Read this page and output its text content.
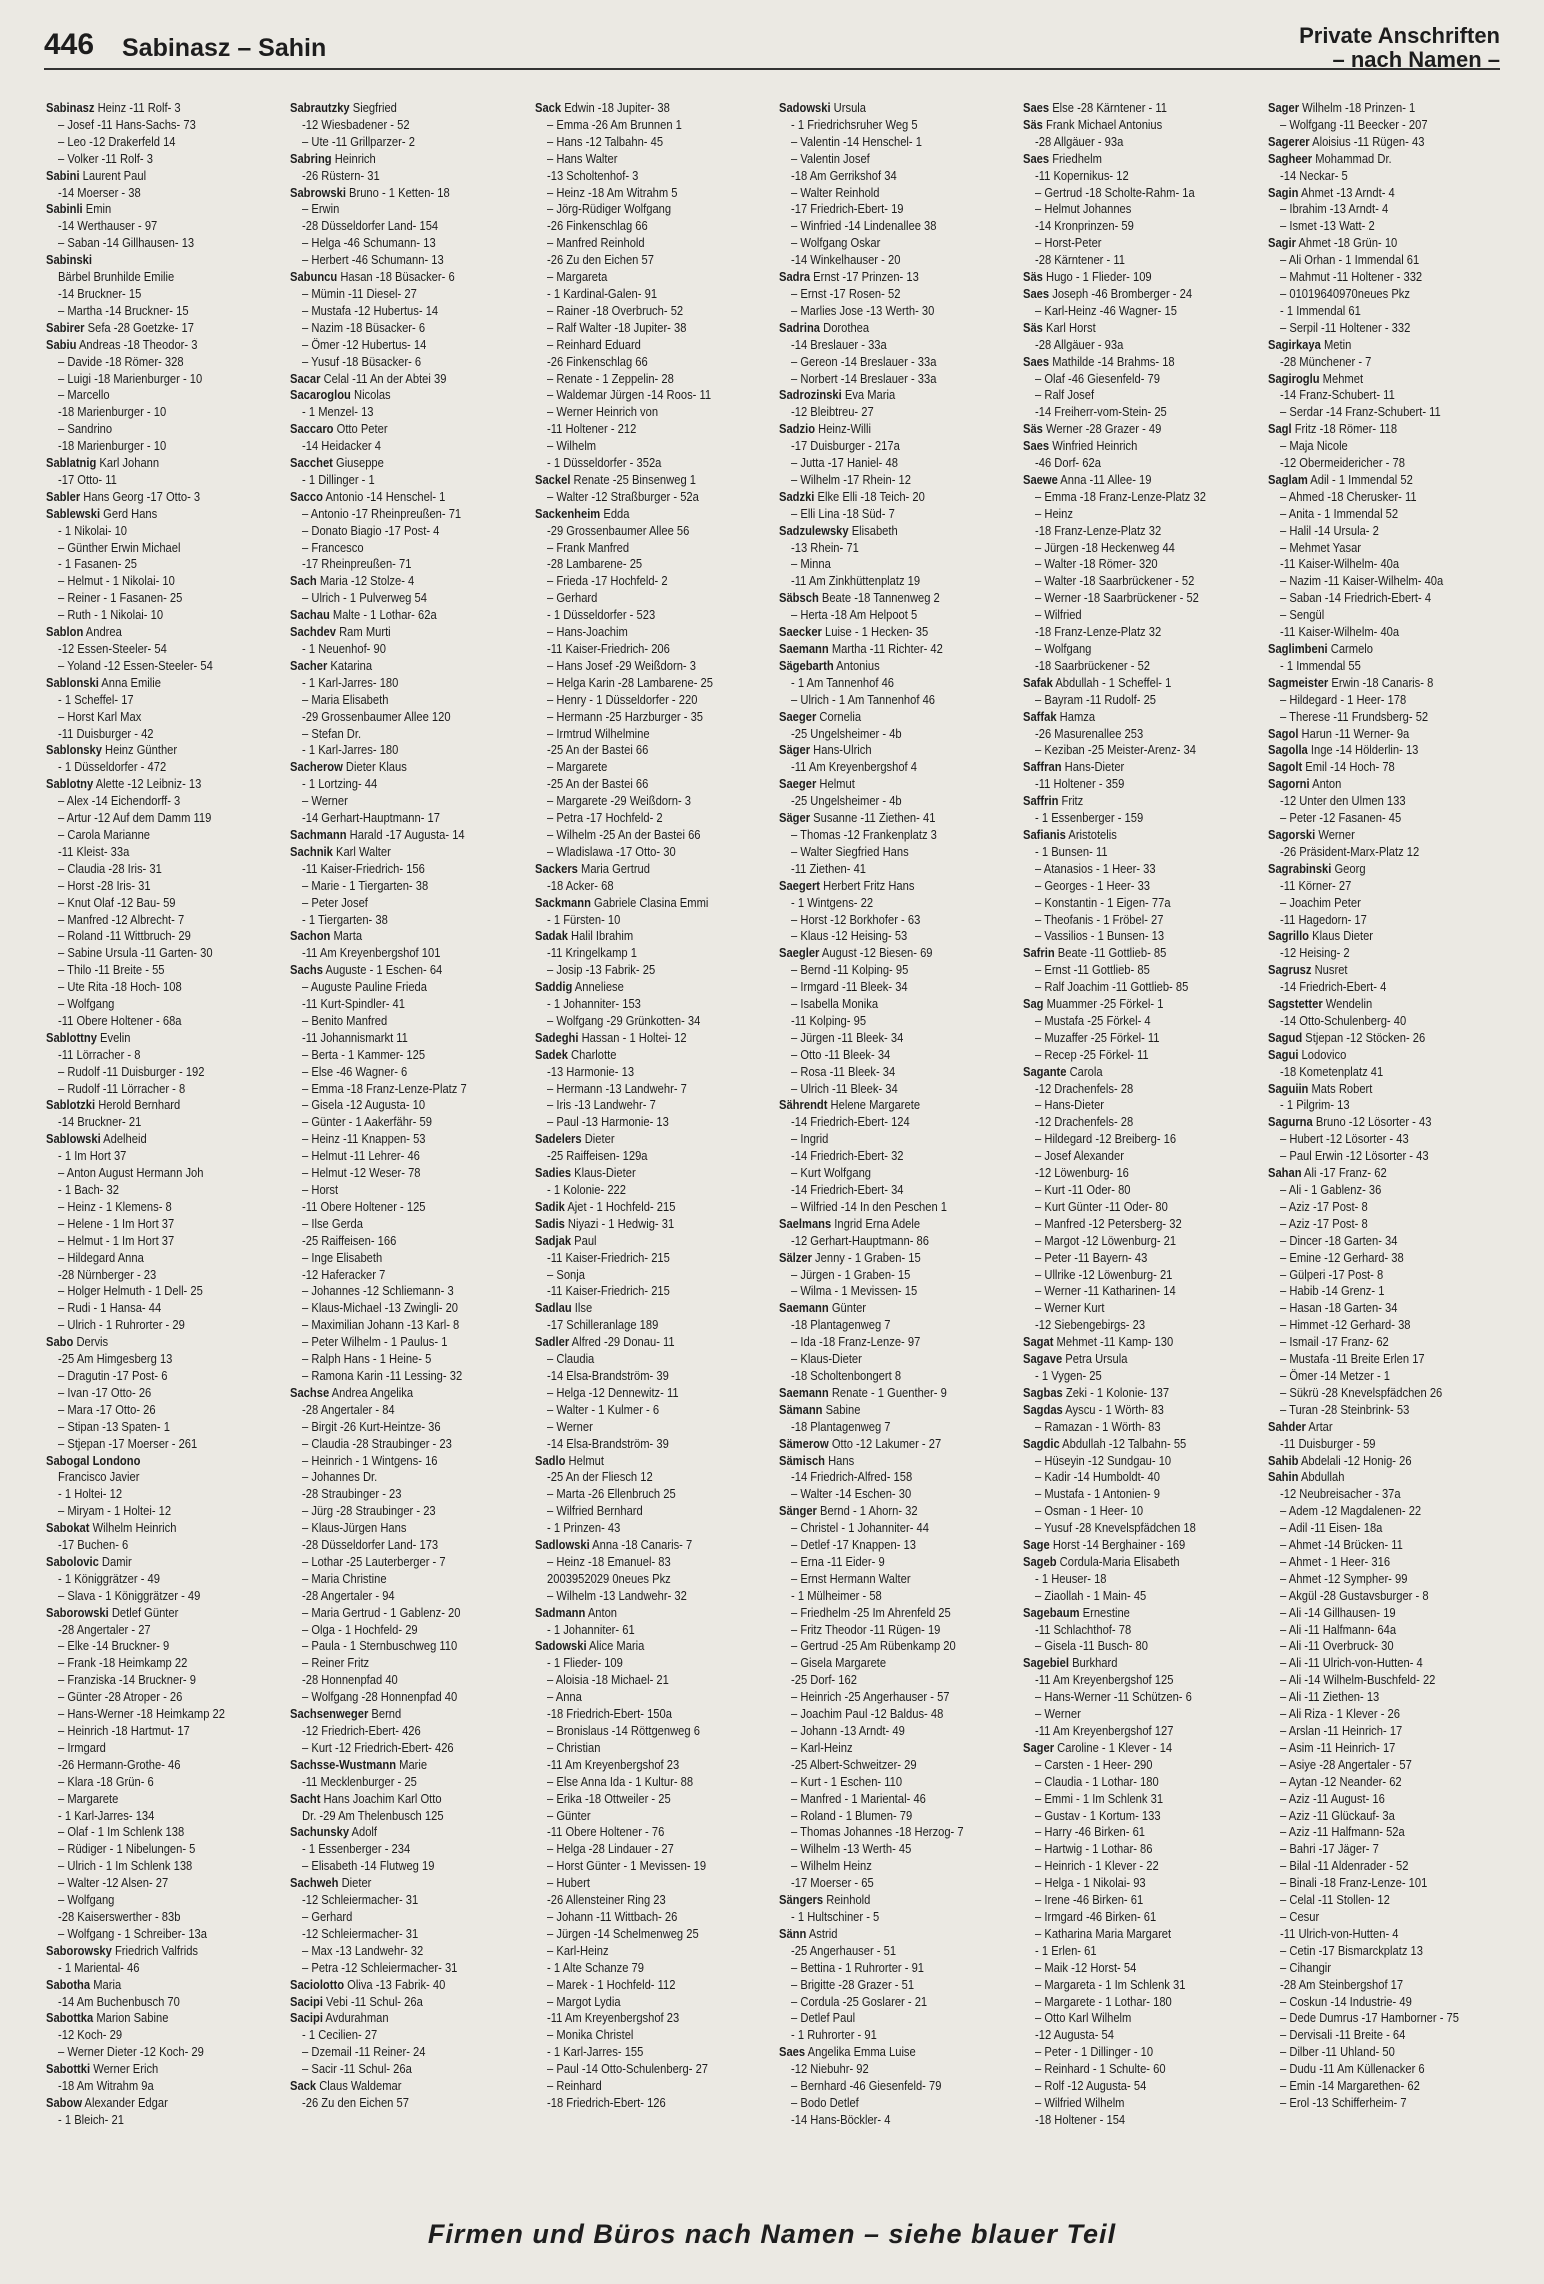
446 Sabinasz – Sahin	Private Anschriften
– nach Namen –
Sabinasz Heinz -11 Rolf- 3
– Josef -11 Hans-Sachs- 73
– Leo -12 Drakerfeld 14
– Volker -11 Rolf- 3
Sabini Laurent Paul
-14 Moerser - 38
Sabinli Emin
-14 Werthauser - 97
– Saban -14 Gillhausen- 13
Sabinski
Bärbel Brunhilde Emilie
-14 Bruckner- 15
– Martha -14 Bruckner- 15
Sabirer Sefa -28 Goetzke- 17
Sabiu Andreas -18 Theodor- 3
– Davide -18 Römer- 328
– Luigi -18 Marienburger - 10
– Marcello
-18 Marienburger - 10
– Sandrino
-18 Marienburger - 10
Sablatnig Karl Johann
-17 Otto- 11
Sabler Hans Georg -17 Otto- 3
Sablewski Gerd Hans
- 1 Nikolai- 10
– Günther Erwin Michael
- 1 Fasanen- 25
– Helmut - 1 Nikolai- 10
– Reiner - 1 Fasanen- 25
– Ruth - 1 Nikolai- 10
Sablon Andrea
-12 Essen-Steeler- 54
– Yoland -12 Essen-Steeler- 54
Sablonski Anna Emilie
- 1 Scheffel- 17
– Horst Karl Max
-11 Duisburger - 42
Sablonsky Heinz Günther
- 1 Düsseldorfer - 472
Sablotny Alette -12 Leibniz- 13
– Alex -14 Eichendorff- 3
– Artur -12 Auf dem Damm 119
– Carola Marianne
-11 Kleist- 33a
– Claudia -28 Iris- 31
– Horst -28 Iris- 31
– Knut Olaf -12 Bau- 59
– Manfred -12 Albrecht- 7
– Roland -11 Wittbruch- 29
– Sabine Ursula -11 Garten- 30
– Thilo -11 Breite - 55
– Ute Rita -18 Hoch- 108
– Wolfgang
-11 Obere Holtener - 68a
Sablottny Evelin
-11 Lörracher - 8
– Rudolf -11 Duisburger - 192
– Rudolf -11 Lörracher - 8
Sablotzki Herold Bernhard
-14 Bruckner- 21
Sablowski Adelheid
- 1 Im Hort 37
– Anton August Hermann Joh
- 1 Bach- 32
– Heinz - 1 Klemens- 8
– Helene - 1 Im Hort 37
– Helmut - 1 Im Hort 37
– Hildegard Anna
-28 Nürnberger - 23
– Holger Helmuth - 1 Dell- 25
– Rudi - 1 Hansa- 44
– Ulrich - 1 Ruhrorter - 29
Sabo Dervis
-25 Am Himgesberg 13
– Dragutin -17 Post- 6
– Ivan -17 Otto- 26
– Mara -17 Otto- 26
– Stipan -13 Spaten- 1
– Stjepan -17 Moerser - 261
Sabogal Londono
Francisco Javier
- 1 Holtei- 12
– Miryam - 1 Holtei- 12
Sabokat Wilhelm Heinrich
-17 Buchen- 6
Sabolovic Damir
- 1 Königgrätzer - 49
– Slava - 1 Königgrätzer - 49
Saborowski Detlef Günter
-28 Angertaler - 27
– Elke -14 Bruckner- 9
– Frank -18 Heimkamp 22
– Franziska -14 Bruckner- 9
– Günter -28 Atroper - 26
– Hans-Werner -18 Heimkamp 22
– Heinrich -18 Hartmut- 17
– Irmgard
-26 Hermann-Grothe- 46
– Klara -18 Grün- 6
– Margarete
- 1 Karl-Jarres- 134
– Olaf - 1 Im Schlenk 138
– Rüdiger - 1 Nibelungen- 5
– Ulrich - 1 Im Schlenk 138
– Walter -12 Alsen- 27
– Wolfgang
-28 Kaiserswerther - 83b
– Wolfgang - 1 Schreiber- 13a
Saborowsky Friedrich Valfrids
- 1 Mariental- 46
Sabotha Maria
-14 Am Buchenbusch 70
Sabottka Marion Sabine
-12 Koch- 29
– Werner Dieter -12 Koch- 29
Sabottki Werner Erich
-18 Am Witrahm 9a
Sabow Alexander Edgar
- 1 Bleich- 21
Sabrautzky Siegfried
-12 Wiesbadener - 52
– Ute -11 Grillparzer- 2
Sabring Heinrich
-26 Rüstern- 31
Sabrowski Bruno - 1 Ketten- 18
– Erwin
-28 Düsseldorfer Land- 154
– Helga -46 Schumann- 13
– Herbert -46 Schumann- 13
Sabuncu Hasan -18 Büsacker- 6
– Mümin -11 Diesel- 27
– Mustafa -12 Hubertus- 14
– Nazim -18 Büsacker- 6
– Ömer -12 Hubertus- 14
– Yusuf -18 Büsacker- 6
Sacar Celal -11 An der Abtei 39
Sacaroglou Nicolas
- 1 Menzel- 13
Saccaro Otto Peter
-14 Heidacker 4
Sacchet Giuseppe
- 1 Dillinger - 1
Sacco Antonio -14 Henschel- 1
– Antonio -17 Rheinpreußen- 71
– Donato Biagio -17 Post- 4
– Francesco
-17 Rheinpreußen- 71
Sach Maria -12 Stolze- 4
– Ulrich - 1 Pulverweg 54
Sachau Malte - 1 Lothar- 62a
Sachdev Ram Murti
- 1 Neuenhof- 90
Sacher Katarina
- 1 Karl-Jarres- 180
– Maria Elisabeth
-29 Grossenbaumer Allee 120
– Stefan Dr.
- 1 Karl-Jarres- 180
Sacherow Dieter Klaus
- 1 Lortzing- 44
– Werner
-14 Gerhart-Hauptmann- 17
Sachmann Harald -17 Augusta- 14
Sachnik Karl Walter
-11 Kaiser-Friedrich- 156
– Marie - 1 Tiergarten- 38
– Peter Josef
- 1 Tiergarten- 38
Sachon Marta
-11 Am Kreyenbergshof 101
Sachs Auguste - 1 Eschen- 64
– Auguste Pauline Frieda
-11 Kurt-Spindler- 41
– Benito Manfred
-11 Johannismarkt 11
– Berta - 1 Kammer- 125
– Else -46 Wagner- 6
– Emma -18 Franz-Lenze-Platz 7
– Gisela -12 Augusta- 10
– Günter - 1 Aakerfähr- 59
– Heinz -11 Knappen- 53
– Helmut -11 Lehrer- 46
– Helmut -12 Weser- 78
– Horst
-11 Obere Holtener - 125
– Ilse Gerda
-25 Raiffeisen- 166
– Inge Elisabeth
-12 Haferacker 7
– Johannes -12 Schliemann- 3
– Klaus-Michael -13 Zwingli- 20
– Maximilian Johann -13 Karl- 8
– Peter Wilhelm - 1 Paulus- 1
– Ralph Hans - 1 Heine- 5
– Ramona Karin -11 Lessing- 32
Sachse Andrea Angelika
-28 Angertaler - 84
– Birgit -26 Kurt-Heintze- 36
– Claudia -28 Straubinger - 23
– Heinrich - 1 Wintgens- 16
– Johannes Dr.
-28 Straubinger - 23
– Jürg -28 Straubinger - 23
– Klaus-Jürgen Hans
-28 Düsseldorfer Land- 173
– Lothar -25 Lauterberger - 7
– Maria Christine
-28 Angertaler - 94
– Maria Gertrud - 1 Gablenz- 20
– Olga - 1 Hochfeld- 29
– Paula - 1 Sternbuschweg 110
– Reiner Fritz
-28 Honnenpfad 40
– Wolfgang -28 Honnenpfad 40
Sachsenweger Bernd
-12 Friedrich-Ebert- 426
– Kurt -12 Friedrich-Ebert- 426
Sachsse-Wustmann Marie
-11 Mecklenburger - 25
Sacht Hans Joachim Karl Otto
Dr. -29 Am Thelenbusch 125
Sachunsky Adolf
- 1 Essenberger - 234
– Elisabeth -14 Flutweg 19
Sachweh Dieter
-12 Schleiermacher- 31
– Gerhard
-12 Schleiermacher- 31
– Max -13 Landwehr- 32
– Petra -12 Schleiermacher- 31
Saciolotto Oliva -13 Fabrik- 40
Sacipi Vebi -11 Schul- 26a
Sacipi Avdurahman
- 1 Cecilien- 27
– Dzemail -11 Reiner- 24
– Sacir -11 Schul- 26a
Sack Claus Waldemar
-26 Zu den Eichen 57
Sack Edwin -18 Jupiter- 38
– Emma -26 Am Brunnen 1
– Hans -12 Talbahn- 45
– Hans Walter
-13 Scholtenhof- 3
– Heinz -18 Am Witrahm 5
– Jörg-Rüdiger Wolfgang
-26 Finkenschlag 66
– Manfred Reinhold
-26 Zu den Eichen 57
– Margareta
- 1 Kardinal-Galen- 91
– Rainer -18 Overbruch- 52
– Ralf Walter -18 Jupiter- 38
– Reinhard Eduard
-26 Finkenschlag 66
– Renate - 1 Zeppelin- 28
– Waldemar Jürgen -14 Roos- 11
– Werner Heinrich von
-11 Holtener - 212
– Wilhelm
- 1 Düsseldorfer - 352a
Sackel Renate -25 Binsenweg 1
– Walter -12 Straßburger - 52a
Sackenheim Edda
-29 Grossenbaumer Allee 56
– Frank Manfred
-28 Lambarene- 25
– Frieda -17 Hochfeld- 2
– Gerhard
- 1 Düsseldorfer - 523
– Hans-Joachim
-11 Kaiser-Friedrich- 206
– Hans Josef -29 Weißdorn- 3
– Helga Karin -28 Lambarene- 25
– Henry - 1 Düsseldorfer - 220
– Hermann -25 Harzburger - 35
– Irmtrud Wilhelmine
-25 An der Bastei 66
– Margarete
-25 An der Bastei 66
– Margarete -29 Weißdorn- 3
– Petra -17 Hochfeld- 2
– Wilhelm -25 An der Bastei 66
– Wladislawa -17 Otto- 30
Sackers Maria Gertrud
-18 Acker- 68
Sackmann Gabriele Clasina Emmi
- 1 Fürsten- 10
Sadak Halil Ibrahim
-11 Kringelkamp 1
– Josip -13 Fabrik- 25
Saddig Anneliese
- 1 Johanniter- 153
– Wolfgang -29 Grünkotten- 34
Sadeghi Hassan - 1 Holtei- 12
Sadek Charlotte
-13 Harmonie- 13
– Hermann -13 Landwehr- 7
– Iris -13 Landwehr- 7
– Paul -13 Harmonie- 13
Sadelers Dieter
-25 Raiffeisen- 129a
Sadies Klaus-Dieter
- 1 Kolonie- 222
Sadik Ajet - 1 Hochfeld- 215
Sadis Niyazi - 1 Hedwig- 31
Sadjak Paul
-11 Kaiser-Friedrich- 215
– Sonja
-11 Kaiser-Friedrich- 215
Sadlau Ilse
-17 Schilleranlage 189
Sadler Alfred -29 Donau- 11
– Claudia
-14 Elsa-Brandström- 39
– Helga -12 Dennewitz- 11
– Walter - 1 Kulmer - 6
– Werner
-14 Elsa-Brandström- 39
Sadlo Helmut
-25 An der Fliesch 12
– Marta -26 Ellenbruch 25
– Wilfried Bernhard
- 1 Prinzen- 43
Sadlowski Anna -18 Canaris- 7
– Heinz -18 Emanuel- 83
2003952029 0neues Pkz
– Wilhelm -13 Landwehr- 32
Sadmann Anton
- 1 Johanniter- 61
Sadowski Alice Maria
- 1 Flieder- 109
– Aloisia -18 Michael- 21
– Anna
-18 Friedrich-Ebert- 150a
– Bronislaus -14 Röttgenweg 6
– Christian
-11 Am Kreyenbergshof 23
– Else Anna Ida - 1 Kultur- 88
– Erika -18 Ottweiler - 25
– Günter
-11 Obere Holtener - 76
– Helga -28 Lindauer - 27
– Horst Günter - 1 Mevissen- 19
– Hubert
-26 Allensteiner Ring 23
– Johann -11 Wittbach- 26
– Jürgen -14 Schelmenweg 25
– Karl-Heinz
- 1 Alte Schanze 79
– Marek - 1 Hochfeld- 112
– Margot Lydia
-11 Am Kreyenbergshof 23
– Monika Christel
- 1 Karl-Jarres- 155
– Paul -14 Otto-Schulenberg- 27
– Reinhard
-18 Friedrich-Ebert- 126
Sadowski Ursula
- 1 Friedrichsruher Weg 5
– Valentin -14 Henschel- 1
– Valentin Josef
-18 Am Gerrikshof 34
– Walter Reinhold
-17 Friedrich-Ebert- 19
– Winfried -14 Lindenallee 38
– Wolfgang Oskar
-14 Winkelhauser - 20
Sadra Ernst -17 Prinzen- 13
– Ernst -17 Rosen- 52
– Marlies Jose -13 Werth- 30
Sadrina Dorothea
-14 Breslauer - 33a
– Gereon -14 Breslauer - 33a
– Norbert -14 Breslauer - 33a
Sadrozinski Eva Maria
-12 Bleibtreu- 27
Sadzio Heinz-Willi
-17 Duisburger - 217a
– Jutta -17 Haniel- 48
– Wilhelm -17 Rhein- 12
Sadzki Elke Elli -18 Teich- 20
– Elli Lina -18 Süd- 7
Sadzulewsky Elisabeth
-13 Rhein- 71
– Minna
-11 Am Zinkhüttenplatz 19
Säbsch Beate -18 Tannenweg 2
– Herta -18 Am Helpoot 5
Saecker Luise - 1 Hecken- 35
Saemann Martha -11 Richter- 42
Sägebarth Antonius
- 1 Am Tannenhof 46
– Ulrich - 1 Am Tannenhof 46
Saeger Cornelia
-25 Ungelsheimer - 4b
Säger Hans-Ulrich
-11 Am Kreyenbergshof 4
Saeger Helmut
-25 Ungelsheimer - 4b
Säger Susanne -11 Ziethen- 41
– Thomas -12 Frankenplatz 3
– Walter Siegfried Hans
-11 Ziethen- 41
Saegert Herbert Fritz Hans
- 1 Wintgens- 22
– Horst -12 Borkhofer - 63
– Klaus -12 Heising- 53
Saegler August -12 Biesen- 69
– Bernd -11 Kolping- 95
– Irmgard -11 Bleek- 34
– Isabella Monika
-11 Kolping- 95
– Jürgen -11 Bleek- 34
– Otto -11 Bleek- 34
– Rosa -11 Bleek- 34
– Ulrich -11 Bleek- 34
Sährendt Helene Margarete
-14 Friedrich-Ebert- 124
– Ingrid
-14 Friedrich-Ebert- 32
– Kurt Wolfgang
-14 Friedrich-Ebert- 34
– Wilfried -14 In den Peschen 1
Saelmans Ingrid Erna Adele
-12 Gerhart-Hauptmann- 86
Sälzer Jenny - 1 Graben- 15
– Jürgen - 1 Graben- 15
– Wilma - 1 Mevissen- 15
Saemann Günter
-18 Plantagenweg 7
– Ida -18 Franz-Lenze- 97
– Klaus-Dieter
-18 Scholtenbongert 8
Saemann Renate - 1 Guenther- 9
Sämann Sabine
-18 Plantagenweg 7
Sämerow Otto -12 Lakumer - 27
Sämisch Hans
-14 Friedrich-Alfred- 158
– Walter -14 Eschen- 30
Sänger Bernd - 1 Ahorn- 32
– Christel - 1 Johanniter- 44
– Detlef -17 Knappen- 13
– Erna -11 Eider- 9
– Ernst Hermann Walter
- 1 Mülheimer - 58
– Friedhelm -25 Im Ahrenfeld 25
– Fritz Theodor -11 Rügen- 19
– Gertrud -25 Am Rübenkamp 20
– Gisela Margarete
-25 Dorf- 162
– Heinrich -25 Angerhauser - 57
– Joachim Paul -12 Baldus- 48
– Johann -13 Arndt- 49
– Karl-Heinz
-25 Albert-Schweitzer- 29
– Kurt - 1 Eschen- 110
– Manfred - 1 Mariental- 46
– Roland - 1 Blumen- 79
– Thomas Johannes -18 Herzog- 7
– Wilhelm -13 Werth- 45
– Wilhelm Heinz
-17 Moerser - 65
Sängers Reinhold
- 1 Hultschiner - 5
Sänn Astrid
-25 Angerhauser - 51
– Bettina - 1 Ruhrorter - 91
– Brigitte -28 Grazer - 51
– Cordula -25 Goslarer - 21
– Detlef Paul
- 1 Ruhrorter - 91
Saes Angelika Emma Luise
-12 Niebuhr- 92
– Bernhard -46 Giesenfeld- 79
– Bodo Detlef
-14 Hans-Böckler- 4
Saes Else -28 Kärntener - 11
Säs Frank Michael Antonius
-28 Allgäuer - 93a
Saes Friedhelm
-11 Kopernikus- 12
– Gertrud -18 Scholte-Rahm- 1a
– Helmut Johannes
-14 Kronprinzen- 59
– Horst-Peter
-28 Kärntener - 11
Säs Hugo - 1 Flieder- 109
Saes Joseph -46 Bromberger - 24
– Karl-Heinz -46 Wagner- 15
Säs Karl Horst
-28 Allgäuer - 93a
Saes Mathilde -14 Brahms- 18
– Olaf -46 Giesenfeld- 79
– Ralf Josef
-14 Freiherr-vom-Stein- 25
Säs Werner -28 Grazer - 49
Saes Winfried Heinrich
-46 Dorf- 62a
Saewe Anna -11 Allee- 19
– Emma -18 Franz-Lenze-Platz 32
– Heinz
-18 Franz-Lenze-Platz 32
– Jürgen -18 Heckenweg 44
– Walter -18 Römer- 320
– Walter -18 Saarbrückener - 52
– Werner -18 Saarbrückener - 52
– Wilfried
-18 Franz-Lenze-Platz 32
– Wolfgang
-18 Saarbrückener - 52
Safak Abdullah - 1 Scheffel- 1
– Bayram -11 Rudolf- 25
Saffak Hamza
-26 Masurenallee 253
– Keziban -25 Meister-Arenz- 34
Saffran Hans-Dieter
-11 Holtener - 359
Saffrin Fritz
- 1 Essenberger - 159
Safianis Aristotelis
- 1 Bunsen- 11
– Atanasios - 1 Heer- 33
– Georges - 1 Heer- 33
– Konstantin - 1 Eigen- 77a
– Theofanis - 1 Fröbel- 27
– Vassilios - 1 Bunsen- 13
Safrin Beate -11 Gottlieb- 85
– Ernst -11 Gottlieb- 85
– Ralf Joachim -11 Gottlieb- 85
Sag Muammer -25 Förkel- 1
– Mustafa -25 Förkel- 4
– Muzaffer -25 Förkel- 11
– Recep -25 Förkel- 11
Sagante Carola
-12 Drachenfels- 28
– Hans-Dieter
-12 Drachenfels- 28
– Hildegard -12 Breiberg- 16
– Josef Alexander
-12 Löwenburg- 16
– Kurt -11 Oder- 80
– Kurt Günter -11 Oder- 80
– Manfred -12 Petersberg- 32
– Margot -12 Löwenburg- 21
– Peter -11 Bayern- 43
– Ullrike -12 Löwenburg- 21
– Werner -11 Katharinen- 14
– Werner Kurt
-12 Siebengebirgs- 23
Sagat Mehmet -11 Kamp- 130
Sagave Petra Ursula
- 1 Vygen- 25
Sagbas Zeki - 1 Kolonie- 137
Sagdas Ayscu - 1 Wörth- 83
– Ramazan - 1 Wörth- 83
Sagdic Abdullah -12 Talbahn- 55
– Hüseyin -12 Sundgau- 10
– Kadir -14 Humboldt- 40
– Mustafa - 1 Antonien- 9
– Osman - 1 Heer- 10
– Yusuf -28 Knevelspfädchen 18
Sage Horst -14 Berghainer - 169
Sageb Cordula-Maria Elisabeth
- 1 Heuser- 18
– Ziaollah - 1 Main- 45
Sagebaum Ernestine
-11 Schlachthof- 78
– Gisela -11 Busch- 80
Sagebiel Burkhard
-11 Am Kreyenbergshof 125
– Hans-Werner -11 Schützen- 6
– Werner
-11 Am Kreyenbergshof 127
Sager Caroline - 1 Klever - 14
– Carsten - 1 Heer- 290
– Claudia - 1 Lothar- 180
– Emmi - 1 Im Schlenk 31
– Gustav - 1 Kortum- 133
– Harry -46 Birken- 61
– Hartwig - 1 Lothar- 86
– Heinrich - 1 Klever - 22
– Helga - 1 Nikolai- 93
– Irene -46 Birken- 61
– Irmgard -46 Birken- 61
– Katharina Maria Margaret
- 1 Erlen- 61
– Maik -12 Horst- 54
– Margareta - 1 Im Schlenk 31
– Margarete - 1 Lothar- 180
– Otto Karl Wilhelm
-12 Augusta- 54
– Peter - 1 Dillinger - 10
– Reinhard - 1 Schulte- 60
– Rolf -12 Augusta- 54
– Wilfried Wilhelm
-18 Holtener - 154
Sager Wilhelm -18 Prinzen- 1
– Wolfgang -11 Beecker - 207
Sagerer Aloisius -11 Rügen- 43
Sagheer Mohammad Dr.
-14 Neckar- 5
Sagin Ahmet -13 Arndt- 4
– Ibrahim -13 Arndt- 4
– Ismet -13 Watt- 2
Sagir Ahmet -18 Grün- 10
– Ali Orhan - 1 Immendal 61
– Mahmut -11 Holtener - 332
– 01019640970neues Pkz
- 1 Immendal 61
– Serpil -11 Holtener - 332
Sagirkaya Metin
-28 Münchener - 7
Sagiroglu Mehmet
-14 Franz-Schubert- 11
– Serdar -14 Franz-Schubert- 11
Sagl Fritz -18 Römer- 118
– Maja Nicole
-12 Obermeidericher - 78
Saglam Adil - 1 Immendal 52
– Ahmed -18 Cherusker- 11
– Anita - 1 Immendal 52
– Halil -14 Ursula- 2
– Mehmet Yasar
-11 Kaiser-Wilhelm- 40a
– Nazim -11 Kaiser-Wilhelm- 40a
– Saban -14 Friedrich-Ebert- 4
– Sengül
-11 Kaiser-Wilhelm- 40a
Saglimbeni Carmelo
- 1 Immendal 55
Sagmeister Erwin -18 Canaris- 8
– Hildegard - 1 Heer- 178
– Therese -11 Frundsberg- 52
Sagol Harun -11 Werner- 9a
Sagolla Inge -14 Hölderlin- 13
Sagolt Emil -14 Hoch- 78
Sagorni Anton
-12 Unter den Ulmen 133
– Peter -12 Fasanen- 45
Sagorski Werner
-26 Präsident-Marx-Platz 12
Sagrabinski Georg
-11 Körner- 27
– Joachim Peter
-11 Hagedorn- 17
Sagrillo Klaus Dieter
-12 Heising- 2
Sagrusz Nusret
-14 Friedrich-Ebert- 4
Sagstetter Wendelin
-14 Otto-Schulenberg- 40
Sagud Stjepan -12 Stöcken- 26
Sagui Lodovico
-18 Kometenplatz 41
Saguiin Mats Robert
- 1 Pilgrim- 13
Sagurna Bruno -12 Lösorter - 43
– Hubert -12 Lösorter - 43
– Paul Erwin -12 Lösorter - 43
Sahan Ali -17 Franz- 62
– Ali - 1 Gablenz- 36
– Aziz -17 Post- 8
– Aziz -17 Post- 8
– Dincer -18 Garten- 34
– Emine -12 Gerhard- 38
– Gülperi -17 Post- 8
– Habib -14 Grenz- 1
– Hasan -18 Garten- 34
– Himmet -12 Gerhard- 38
– Ismail -17 Franz- 62
– Mustafa -11 Breite Erlen 17
– Ömer -14 Metzer - 1
– Sükrü -28 Knevelspfädchen 26
– Turan -28 Steinbrink- 53
Sahder Artar
-11 Duisburger - 59
Sahib Abdelali -12 Honig- 26
Sahin Abdullah
-12 Neubreisacher - 37a
– Adem -12 Magdalenen- 22
– Adil -11 Eisen- 18a
– Ahmet -14 Brücken- 11
– Ahmet - 1 Heer- 316
– Ahmet -12 Sympher- 99
– Akgül -28 Gustavsburger - 8
– Ali -14 Gillhausen- 19
– Ali -11 Halfmann- 64a
– Ali -11 Overbruck- 30
– Ali -11 Ulrich-von-Hutten- 4
– Ali -14 Wilhelm-Buschfeld- 22
– Ali -11 Ziethen- 13
– Ali Riza - 1 Klever - 26
– Arslan -11 Heinrich- 17
– Asim -11 Heinrich- 17
– Asiye -28 Angertaler - 57
– Aytan -12 Neander- 62
– Aziz -11 August- 16
– Aziz -11 Glückauf- 3a
– Aziz -11 Halfmann- 52a
– Bahri -17 Jäger- 7
– Bilal -11 Aldenrader - 52
– Binali -18 Franz-Lenze- 101
– Celal -11 Stollen- 12
– Cesur
-11 Ulrich-von-Hutten- 4
– Cetin -17 Bismarckplatz 13
– Cihangir
-28 Am Steinbergshof 17
– Coskun -14 Industrie- 49
– Dede Dumrus -17 Hamborner - 75
– Dervisali -11 Breite - 64
– Dilber -11 Uhland- 50
– Dudu -11 Am Küllenacker 6
– Emin -14 Margarethen- 62
– Erol -13 Schifferheim- 7
Firmen und Büros nach Namen – siehe blauer Teil
